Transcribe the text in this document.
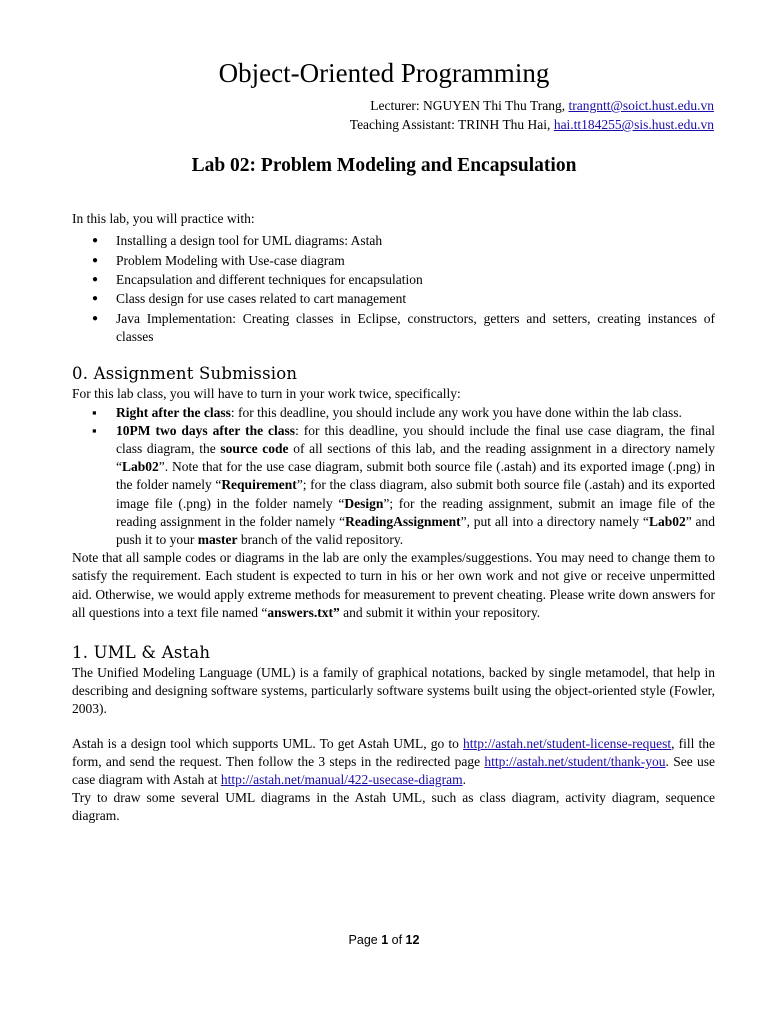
Object-Oriented Programming
Lecturer: NGUYEN Thi Thu Trang, trangntt@soict.hust.edu.vn
Teaching Assistant: TRINH Thu Hai, hai.tt184255@sis.hust.edu.vn
Lab 02: Problem Modeling and Encapsulation

In this lab, you will practice with:

● Installing a design tool for UML diagrams: Astah
● Problem Modeling with Use-case diagram
● Encapsulation and different techniques for encapsulation
● Class design for use cases related to cart management
● Java Implementation: Creating classes in Eclipse, constructors, getters and setters, creating instances of classes
0. Assignment Submission

For this lab class, you will have to turn in your work twice, specifically:

▪ Right after the class: for this deadline, you should include any work you have done within the lab class.
▪ 10PM two days after the class: for this deadline, you should include the final use case diagram, the final class diagram, the source code of all sections of this lab, and the reading assignment in a directory namely “Lab02”. Note that for the use case diagram, submit both source file (.astah) and its exported image (.png) in the folder namely “Requirement”; for the class diagram, also submit both source file (.astah) and its exported image file (.png) in the folder namely “Design”; for the reading assignment, submit an image file of the reading assignment in the folder namely “ReadingAssignment”, put all into a directory namely “Lab02” and push it to your master branch of the valid repository.

Note that all sample codes or diagrams in the lab are only the examples/suggestions. You may need to change them to satisfy the requirement. Each student is expected to turn in his or her own work and not give or receive unpermitted aid. Otherwise, we would apply extreme methods for measurement to prevent cheating. Please write down answers for all questions into a text file named “answers.txt” and submit it within your repository.

1. UML & Astah

The Unified Modeling Language (UML) is a family of graphical notations, backed by single metamodel, that help in describing and designing software systems, particularly software systems built using the object-oriented style (Fowler, 2003).

Astah is a design tool which supports UML. To get Astah UML, go to http://astah.net/student-license-request, fill the form, and send the request. Then follow the 3 steps in the redirected page http://astah.net/student/thank-you. See use case diagram with Astah at http://astah.net/manual/422-usecase-diagram.

Try to draw some several UML diagrams in the Astah UML, such as class diagram, activity diagram, sequence diagram.

Page 1 of 12
